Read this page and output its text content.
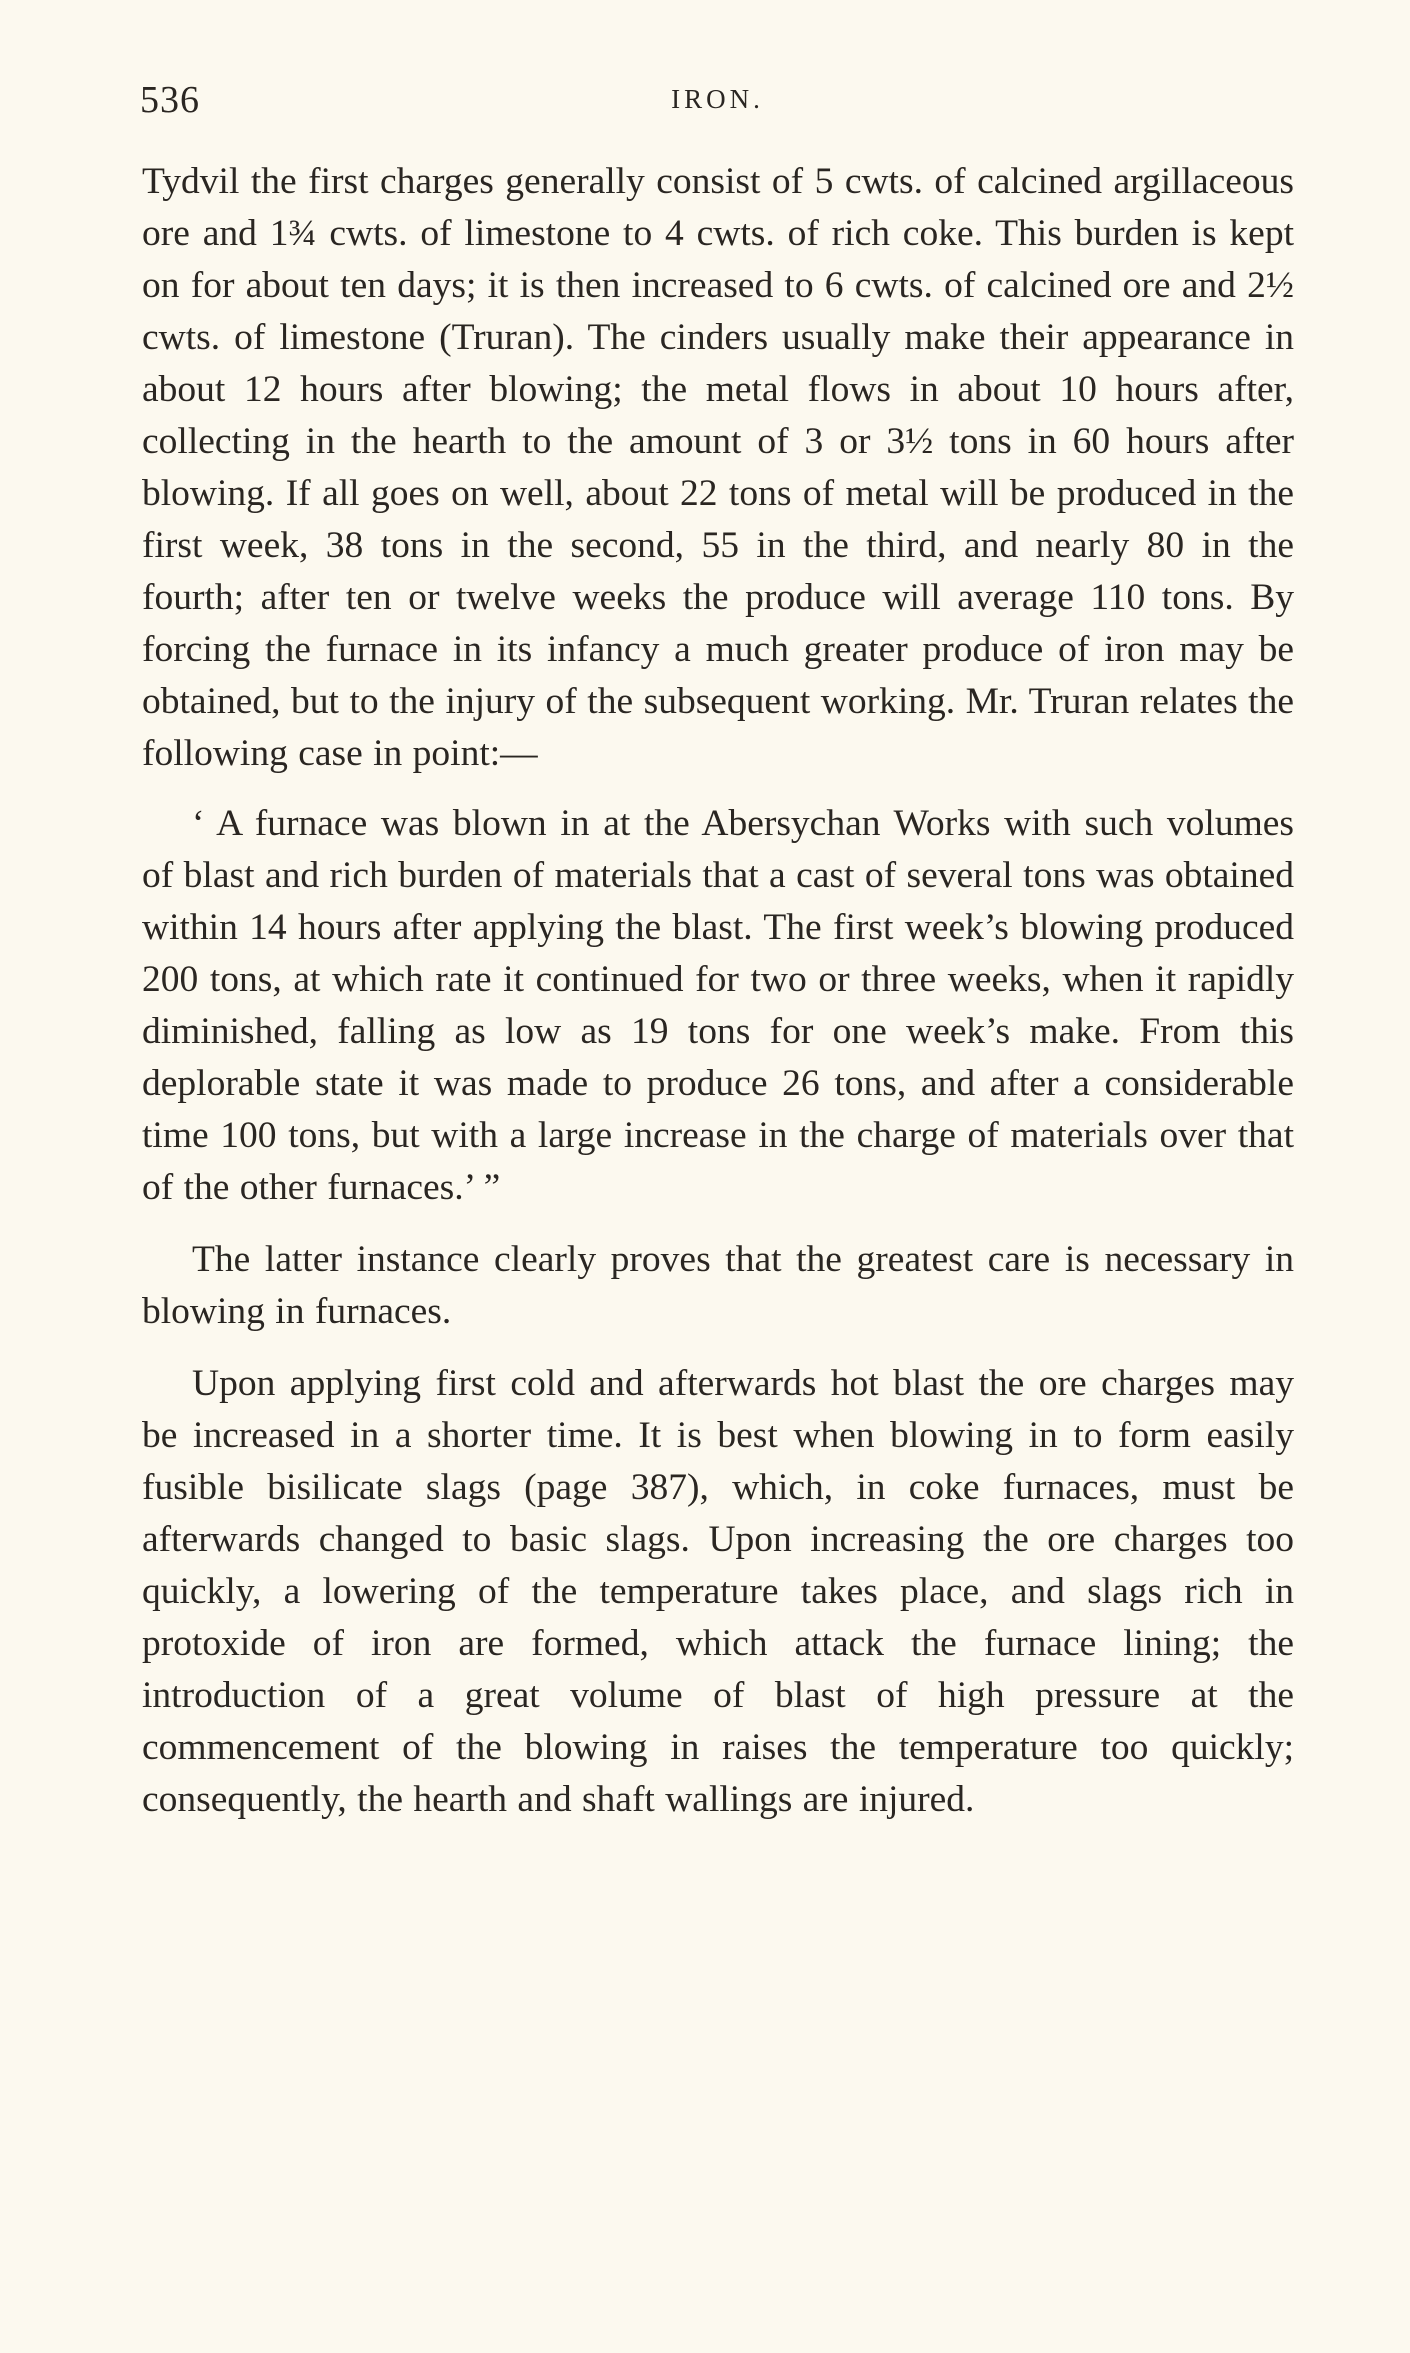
536	IRON.

Tydvil the first charges generally consist of 5 cwts. of calcined argillaceous ore and 1¾ cwts. of limestone to 4 cwts. of rich coke. This burden is kept on for about ten days; it is then increased to 6 cwts. of calcined ore and 2½ cwts. of limestone (Truran). The cinders usually make their appearance in about 12 hours after blowing; the metal flows in about 10 hours after, collecting in the hearth to the amount of 3 or 3½ tons in 60 hours after blowing. If all goes on well, about 22 tons of metal will be produced in the first week, 38 tons in the second, 55 in the third, and nearly 80 in the fourth; after ten or twelve weeks the produce will average 110 tons. By forcing the furnace in its infancy a much greater produce of iron may be obtained, but to the injury of the subsequent working. Mr. Truran relates the following case in point:—

‘ A furnace was blown in at the Abersychan Works with such volumes of blast and rich burden of materials that a cast of several tons was obtained within 14 hours after applying the blast. The first week’s blowing produced 200 tons, at which rate it continued for two or three weeks, when it rapidly diminished, falling as low as 19 tons for one week’s make. From this deplorable state it was made to produce 26 tons, and after a considerable time 100 tons, but with a large increase in the charge of materials over that of the other furnaces.’ ”

The latter instance clearly proves that the greatest care is necessary in blowing in furnaces.

Upon applying first cold and afterwards hot blast the ore charges may be increased in a shorter time. It is best when blowing in to form easily fusible bisilicate slags (page 387), which, in coke furnaces, must be afterwards changed to basic slags. Upon increasing the ore charges too quickly, a lowering of the temperature takes place, and slags rich in protoxide of iron are formed, which attack the furnace lining; the introduction of a great volume of blast of high pressure at the commencement of the blowing in raises the temperature too quickly; consequently, the hearth and shaft wallings are injured.
